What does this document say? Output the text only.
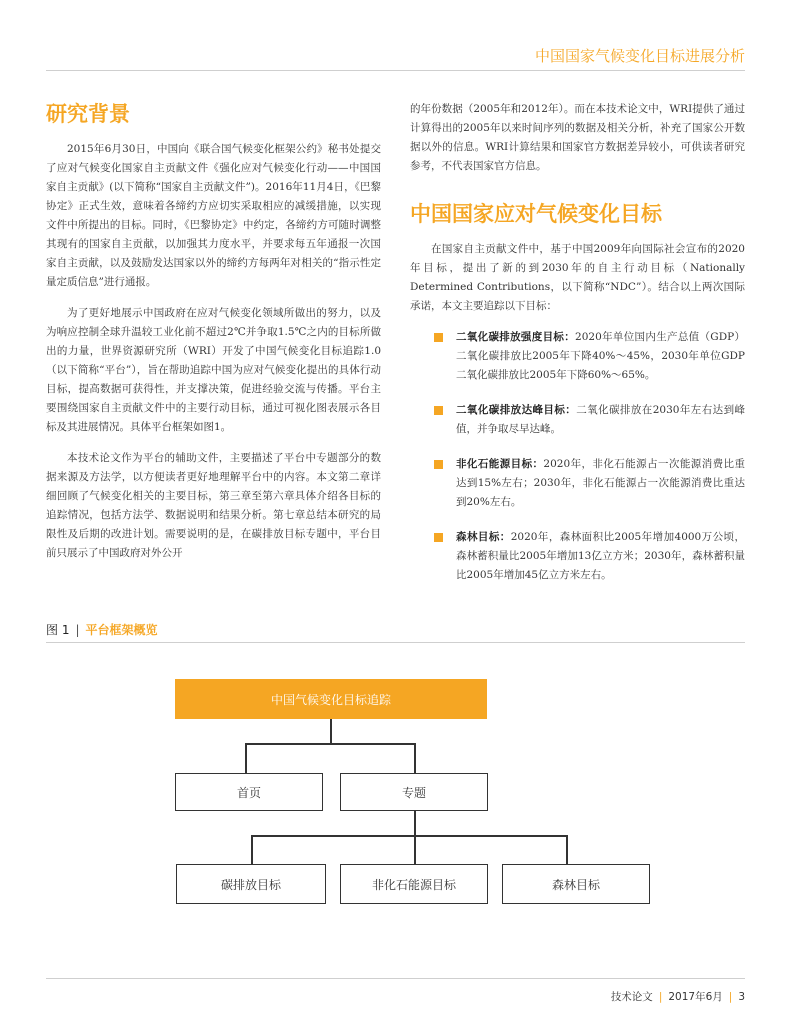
中国国家气候变化目标进展分析
研究背景

2015年6月30日，中国向《联合国气候变化框架公约》秘书处提交了应对气候变化国家自主贡献文件《强化应对气候变化行动——中国国家自主贡献》(以下简称“国家自主贡献文件”)。2016年11月4日，《巴黎协定》正式生效，意味着各缔约方应切实采取相应的减缓措施，以实现文件中所提出的目标。同时，《巴黎协定》中约定，各缔约方可随时调整其现有的国家自主贡献，以加强其力度水平，并要求每五年通报一次国家自主贡献，以及鼓励发达国家以外的缔约方每两年对相关的“指示性定量定质信息”进行通报。

为了更好地展示中国政府在应对气候变化领域所做出的努力，以及为响应控制全球升温较工业化前不超过2℃并争取1.5℃之内的目标所做出的力量，世界资源研究所（WRI）开发了中国气候变化目标追踪1.0（以下简称“平台”），旨在帮助追踪中国为应对气候变化提出的具体行动目标，提高数据可获得性，并支撑决策，促进经验交流与传播。平台主要围绕国家自主贡献文件中的主要行动目标，通过可视化图表展示各目标及其进展情况。具体平台框架如图1。

本技术论文作为平台的辅助文件，主要描述了平台中专题部分的数据来源及方法学，以方便读者更好地理解平台中的内容。本文第二章详细回顾了气候变化相关的主要目标，第三章至第六章具体介绍各目标的追踪情况，包括方法学、数据说明和结果分析。第七章总结本研究的局限性及后期的改进计划。需要说明的是，在碳排放目标专题中，平台目前只展示了中国政府对外公开

的年份数据（2005年和2012年）。而在本技术论文中，WRI提供了通过计算得出的2005年以来时间序列的数据及相关分析，补充了国家公开数据以外的信息。WRI计算结果和国家官方数据差异较小，可供读者研究参考，不代表国家官方信息。

中国国家应对气候变化目标

在国家自主贡献文件中，基于中国2009年向国际社会宣布的2020年目标，提出了新的到2030年的自主行动目标（Nationally Determined Contributions，以下简称“NDC”）。结合以上两次国际承诺，本文主要追踪以下目标：

二氧化碳排放强度目标：2020年单位国内生产总值（GDP）二氧化碳排放比2005年下降40%～45%，2030年单位GDP二氧化碳排放比2005年下降60%～65%。
二氧化碳排放达峰目标：二氧化碳排放在2030年左右达到峰值，并争取尽早达峰。
非化石能源目标：2020年，非化石能源占一次能源消费比重达到15%左右；2030年，非化石能源占一次能源消费比重达到20%左右。
森林目标：2020年，森林面积比2005年增加4000万公顷，森林蓄积量比2005年增加13亿立方米；2030年，森林蓄积量比2005年增加45亿立方米左右。
图 1 | 平台框架概览
中国气候变化目标追踪
首页	专题
碳排放目标	非化石能源目标	森林目标
技术论文 | 2017年6月 | 3
